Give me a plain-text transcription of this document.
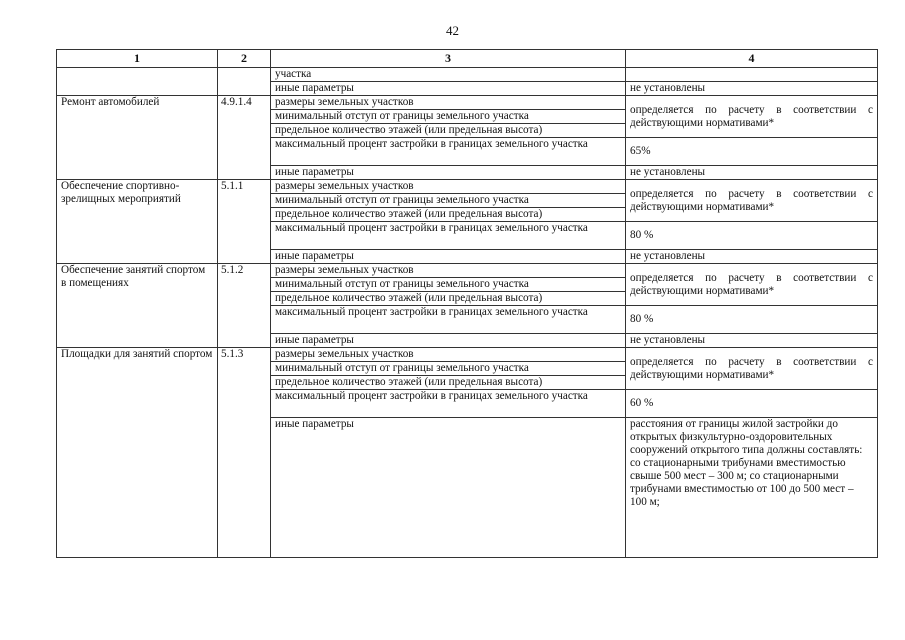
42
1	2	3	4
		участка	
		иные параметры	не установлены
Ремонт автомобилей	4.9.1.4	размеры земельных участков	определяется по расчету в соответствии с действующими нормативами*
		минимальный отступ от границы земельного участка	
		предельное количество этажей (или предельная высота)	
		максимальный процент застройки в границах земельного участка	65%
		иные параметры	не установлены
Обеспечение спортивно-зрелищных мероприятий	5.1.1	размеры земельных участков	определяется по расчету в соответствии с действующими нормативами*
		минимальный отступ от границы земельного участка	
		предельное количество этажей (или предельная высота)	
		максимальный процент застройки в границах земельного участка	80 %
		иные параметры	не установлены
Обеспечение занятий спортом в помещениях	5.1.2	размеры земельных участков	определяется по расчету в соответствии с действующими нормативами*
		минимальный отступ от границы земельного участка	
		предельное количество этажей (или предельная высота)	
		максимальный процент застройки в границах земельного участка	80 %
		иные параметры	не установлены
Площадки для занятий спортом	5.1.3	размеры земельных участков	определяется по расчету в соответствии с действующими нормативами*
		минимальный отступ от границы земельного участка	
		предельное количество этажей (или предельная высота)	
		максимальный процент застройки в границах земельного участка	60 %
		иные параметры	расстояния от границы жилой застройки до открытых физкультурно-оздоровительных сооружений открытого типа должны составлять: со стационарными трибунами вместимостью свыше 500 мест – 300 м; со стационарными трибунами вместимостью от 100 до 500 мест – 100 м;
